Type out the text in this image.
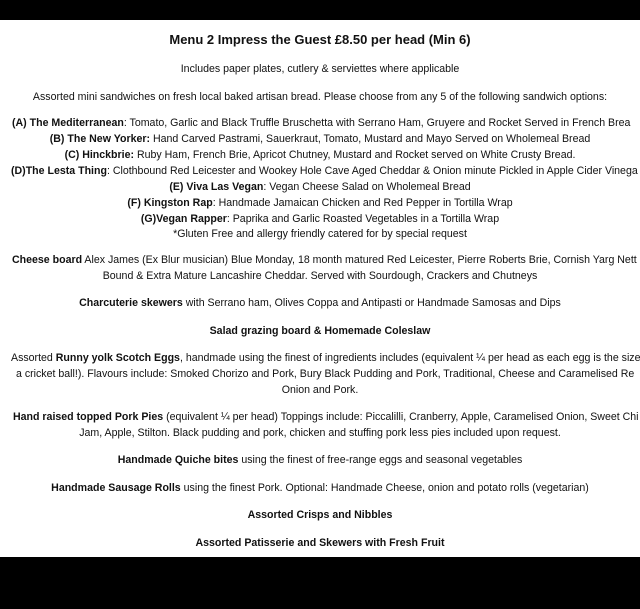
Menu 2 Impress the Guest £8.50 per head (Min 6)
Includes paper plates, cutlery & serviettes where applicable
Assorted mini sandwiches on fresh local baked artisan bread. Please choose from any 5 of the following sandwich options:
(A) The Mediterranean: Tomato, Garlic and Black Truffle Bruschetta with Serrano Ham, Gruyere and Rocket Served in French Brea
(B) The New Yorker: Hand Carved Pastrami, Sauerkraut, Tomato, Mustard and Mayo Served on Wholemeal Bread
(C) Hinckbrie: Ruby Ham, French Brie, Apricot Chutney, Mustard and Rocket served on White Crusty Bread.
(D)The Lesta Thing: Clothbound Red Leicester and Wookey Hole Cave Aged Cheddar & Onion minute Pickled in Apple Cider Vinega
(E) Viva Las Vegan: Vegan Cheese Salad on Wholemeal Bread
(F) Kingston Rap: Handmade Jamaican Chicken and Red Pepper in Tortilla Wrap
(G)Vegan Rapper: Paprika and Garlic Roasted Vegetables in a Tortilla Wrap
*Gluten Free and allergy friendly catered for by special request
Cheese board Alex James (Ex Blur musician) Blue Monday, 18 month matured Red Leicester, Pierre Roberts Brie, Cornish Yarg Nett
Bound & Extra Mature Lancashire Cheddar. Served with Sourdough, Crackers and Chutneys
Charcuterie skewers with Serrano ham, Olives Coppa and Antipasti or Handmade Samosas and Dips
Salad grazing board & Homemade Coleslaw
Assorted Runny yolk Scotch Eggs, handmade using the finest of ingredients includes (equivalent ¼ per head as each egg is the size
a cricket ball!). Flavours include: Smoked Chorizo and Pork, Bury Black Pudding and Pork, Traditional, Cheese and Caramelised Re
Onion and Pork.
Hand raised topped Pork Pies (equivalent ¼ per head) Toppings include: Piccalilli, Cranberry, Apple, Caramelised Onion, Sweet Chi
Jam, Apple, Stilton. Black pudding and pork, chicken and stuffing pork less pies included upon request.
Handmade Quiche bites using the finest of free-range eggs and seasonal vegetables
Handmade Sausage Rolls using the finest Pork. Optional: Handmade Cheese, onion and potato rolls (vegetarian)
Assorted Crisps and Nibbles
Assorted Patisserie and Skewers with Fresh Fruit
